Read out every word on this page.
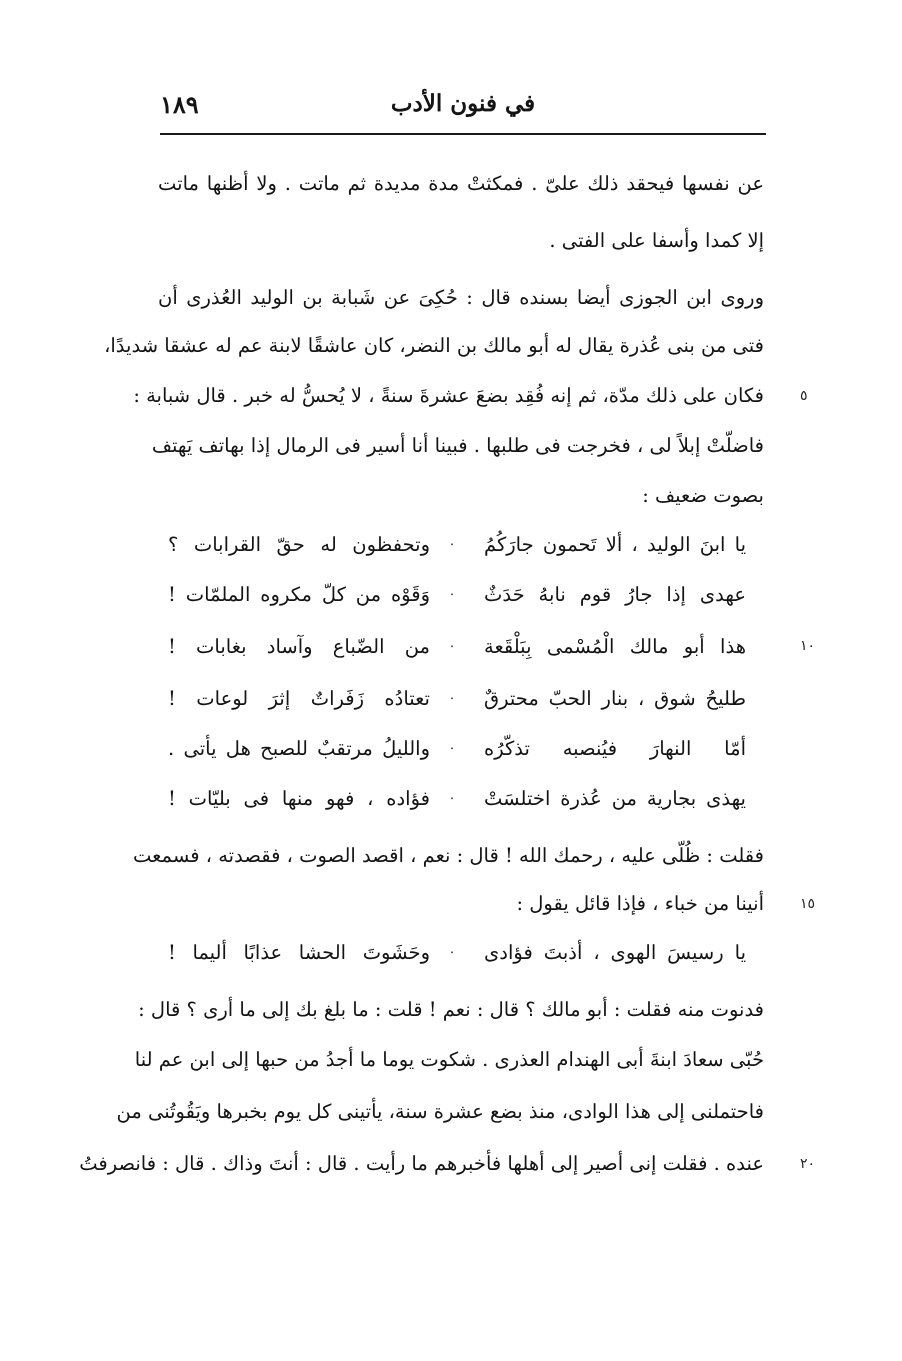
في فنون الأدب
١٨٩
عن نفسها فيحقد ذلك علىّ . فمكثتْ مدة مديدة ثم ماتت . ولا أظنها ماتت
إلا كمدا وأسفا على الفتى .
وروى ابن الجوزى أيضا بسنده قال : حُكِىَ عن شَبابة بن الوليد العُذرى أن
فتى من بنى عُذرة يقال له أبو مالك بن النضر، كان عاشقًا لابنة عم له عشقا شديدًا،
فكان على ذلك مدّة، ثم إنه فُقِد بضعَ عشرةَ سنةً ، لا يُحسُّ له خبر . قال شبابة :
فاضلّتْ إبلاً لى ، فخرجت فى طلبها . فبينا أنا أسير فى الرمال إذا بهاتف يَهتف
بصوت ضعيف :
يا ابنَ الوليد ، ألا تَحمون جارَكُمُ
٠
وتحفظون له حقّ القرابات ؟
عهدى إذا جارُ قوم نابهُ حَدَثٌ
٠
وَقَوْه من كلّ مكروه الملمّات !
هذا أبو مالك الْمُسْمى بِبَلْقَعة
٠
من الضّباع وآساد بغابات !
طليحُ شوق ، بنار الحبّ محترقٌ
٠
تعتادُه زَفَراتٌ إثرَ لوعات !
أمّا النهارَ فيُنصبه تذكّرُه
٠
والليلُ مرتقبٌ للصبح هل يأتى .
يهذى بجارية من عُذرة اختلسَتْ
٠
فؤاده ، فهو منها فى بليّات !
فقلت : ظُلّى عليه ، رحمك الله ! قال : نعم ، اقصد الصوت ، فقصدته ، فسمعت
أنينا من خباء ، فإذا قائل يقول :
يا رسيسَ الهوى ، أذبتَ فؤادى
٠
وحَشَوتَ الحشا عذابًا أليما !
فدنوت منه فقلت : أبو مالك ؟ قال : نعم ! قلت : ما بلغ بك إلى ما أرى ؟ قال :
حُبّى سعادَ ابنةَ أبى الهندام العذرى . شكوت يوما ما أجدُ من حبها إلى ابن عم لنا
فاحتملنى إلى هذا الوادى، منذ بضع عشرة سنة، يأتينى كل يوم بخبرها ويَقُوتُنى من
عنده . فقلت إنى أصير إلى أهلها فأخبرهم ما رأيت . قال : أنتَ وذاك . قال : فانصرفتُ
٥
١٠
١٥
٢٠
